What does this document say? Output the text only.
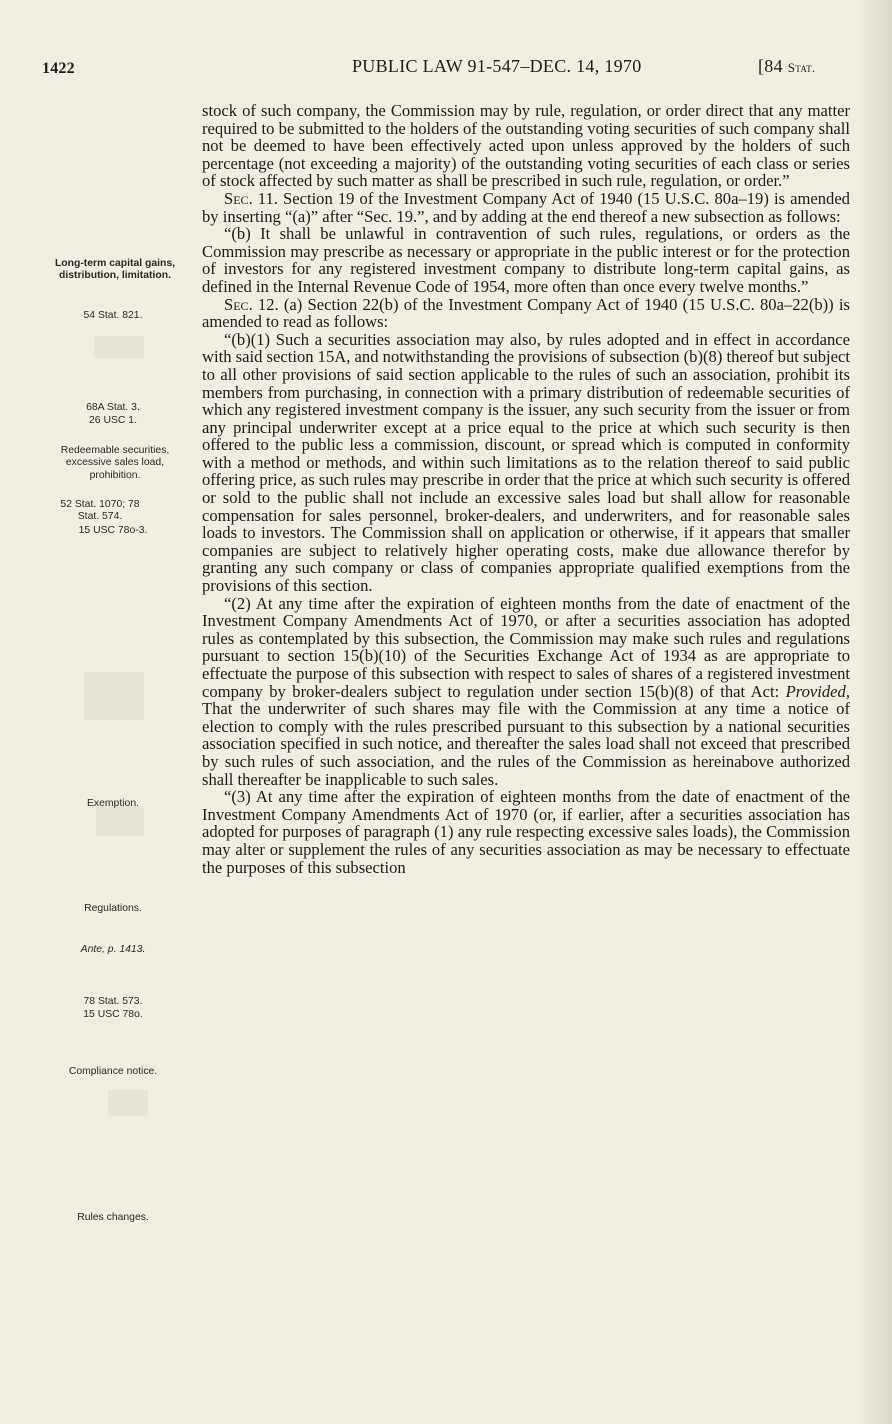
1422	PUBLIC LAW 91-547–DEC. 14, 1970	[84 Stat.
Long-term capital gains, distribution, limitation.
54 Stat. 821.
68A Stat. 3.
26 USC 1.
Redeemable securities, excessive sales load, prohibition.
52 Stat. 1070; 78 Stat. 574.
15 USC 78o-3.
Exemption.
Regulations.
Ante, p. 1413.
78 Stat. 573.
15 USC 78o.
Compliance notice.
Rules changes.

stock of such company, the Commission may by rule, regulation, or order direct that any matter required to be submitted to the holders of the outstanding voting securities of such company shall not be deemed to have been effectively acted upon unless approved by the holders of such percentage (not exceeding a majority) of the outstanding voting securities of each class or series of stock affected by such matter as shall be prescribed in such rule, regulation, or order.”

Sec. 11. Section 19 of the Investment Company Act of 1940 (15 U.S.C. 80a–19) is amended by inserting “(a)” after “Sec. 19.”, and by adding at the end thereof a new subsection as follows:

“(b) It shall be unlawful in contravention of such rules, regulations, or orders as the Commission may prescribe as necessary or appropriate in the public interest or for the protection of investors for any registered investment company to distribute long-term capital gains, as defined in the Internal Revenue Code of 1954, more often than once every twelve months.”

Sec. 12. (a) Section 22(b) of the Investment Company Act of 1940 (15 U.S.C. 80a–22(b)) is amended to read as follows:

“(b)(1) Such a securities association may also, by rules adopted and in effect in accordance with said section 15A, and notwithstanding the provisions of subsection (b)(8) thereof but subject to all other provisions of said section applicable to the rules of such an association, prohibit its members from purchasing, in connection with a primary distribution of redeemable securities of which any registered investment company is the issuer, any such security from the issuer or from any principal underwriter except at a price equal to the price at which such security is then offered to the public less a commission, discount, or spread which is computed in conformity with a method or methods, and within such limitations as to the relation thereof to said public offering price, as such rules may prescribe in order that the price at which such security is offered or sold to the public shall not include an excessive sales load but shall allow for reasonable compensation for sales personnel, broker-dealers, and underwriters, and for reasonable sales loads to investors. The Commission shall on application or otherwise, if it appears that smaller companies are subject to relatively higher operating costs, make due allowance therefor by granting any such company or class of companies appropriate qualified exemptions from the provisions of this section.

“(2) At any time after the expiration of eighteen months from the date of enactment of the Investment Company Amendments Act of 1970, or after a securities association has adopted rules as contemplated by this subsection, the Commission may make such rules and regulations pursuant to section 15(b)(10) of the Securities Exchange Act of 1934 as are appropriate to effectuate the purpose of this subsection with respect to sales of shares of a registered investment company by broker-dealers subject to regulation under section 15(b)(8) of that Act: Provided, That the underwriter of such shares may file with the Commission at any time a notice of election to comply with the rules prescribed pursuant to this subsection by a national securities association specified in such notice, and thereafter the sales load shall not exceed that prescribed by such rules of such association, and the rules of the Commission as hereinabove authorized shall thereafter be inapplicable to such sales.

“(3) At any time after the expiration of eighteen months from the date of enactment of the Investment Company Amendments Act of 1970 (or, if earlier, after a securities association has adopted for purposes of paragraph (1) any rule respecting excessive sales loads), the Commission may alter or supplement the rules of any securities association as may be necessary to effectuate the purposes of this subsection
